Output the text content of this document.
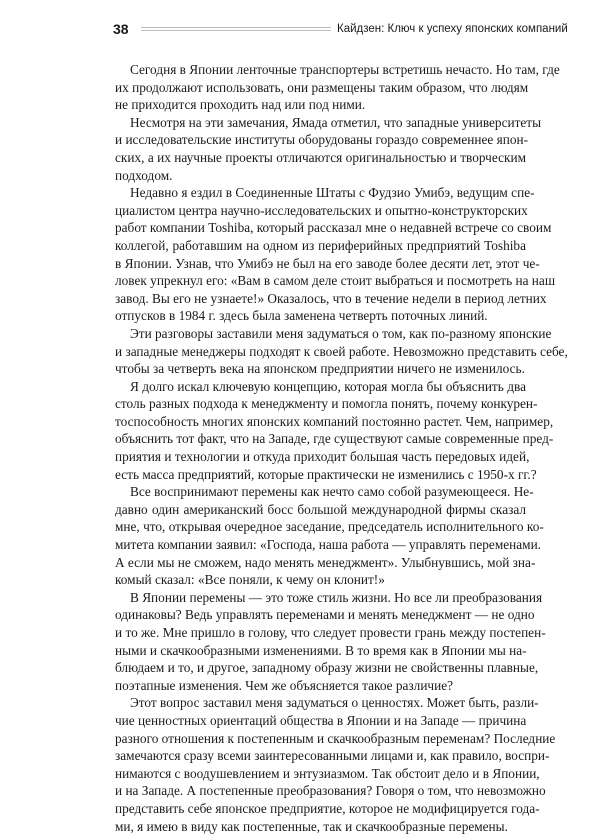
38	Кайдзен: Ключ к успеху японских компаний
Сегодня в Японии ленточные транспортеры встретишь нечасто. Но там, где
их продолжают использовать, они размещены таким образом, что людям
не приходится проходить над или под ними.
Несмотря на эти замечания, Ямада отметил, что западные университеты
и исследовательские институты оборудованы гораздо современнее япон-
ских, а их научные проекты отличаются оригинальностью и творческим
подходом.
Недавно я ездил в Соединенные Штаты с Фудзио Умибэ, ведущим спе-
циалистом центра научно-исследовательских и опытно-конструкторских
работ компании Toshiba, который рассказал мне о недавней встрече со своим
коллегой, работавшим на одном из периферийных предприятий Toshiba
в Японии. Узнав, что Умибэ не был на его заводе более десяти лет, этот че-
ловек упрекнул его: «Вам в самом деле стоит выбраться и посмотреть на наш
завод. Вы его не узнаете!» Оказалось, что в течение недели в период летних
отпусков в 1984 г. здесь была заменена четверть поточных линий.
Эти разговоры заставили меня задуматься о том, как по-разному японские
и западные менеджеры подходят к своей работе. Невозможно представить себе,
чтобы за четверть века на японском предприятии ничего не изменилось.
Я долго искал ключевую концепцию, которая могла бы объяснить два
столь разных подхода к менеджменту и помогла понять, почему конкурен-
тоспособность многих японских компаний постоянно растет. Чем, например,
объяснить тот факт, что на Западе, где существуют самые современные пред-
приятия и технологии и откуда приходит большая часть передовых идей,
есть масса предприятий, которые практически не изменились с 1950-х гг.?
Все воспринимают перемены как нечто само собой разумеющееся. Не-
давно один американский босс большой международной фирмы сказал
мне, что, открывая очередное заседание, председатель исполнительного ко-
митета компании заявил: «Господа, наша работа — управлять переменами.
А если мы не сможем, надо менять менеджмент». Улыбнувшись, мой зна-
комый сказал: «Все поняли, к чему он клонит!»
В Японии перемены — это тоже стиль жизни. Но все ли преобразования
одинаковы? Ведь управлять переменами и менять менеджмент — не одно
и то же. Мне пришло в голову, что следует провести грань между постепен-
ными и скачкообразными изменениями. В то время как в Японии мы на-
блюдаем и то, и другое, западному образу жизни не свойственны плавные,
поэтапные изменения. Чем же объясняется такое различие?
Этот вопрос заставил меня задуматься о ценностях. Может быть, разли-
чие ценностных ориентаций общества в Японии и на Западе — причина
разного отношения к постепенным и скачкообразным переменам? Последние
замечаются сразу всеми заинтересованными лицами и, как правило, воспри-
нимаются с воодушевлением и энтузиазмом. Так обстоит дело и в Японии,
и на Западе. А постепенные преобразования? Говоря о том, что невозможно
представить себе японское предприятие, которое не модифицируется года-
ми, я имею в виду как постепенные, так и скачкообразные перемены.
